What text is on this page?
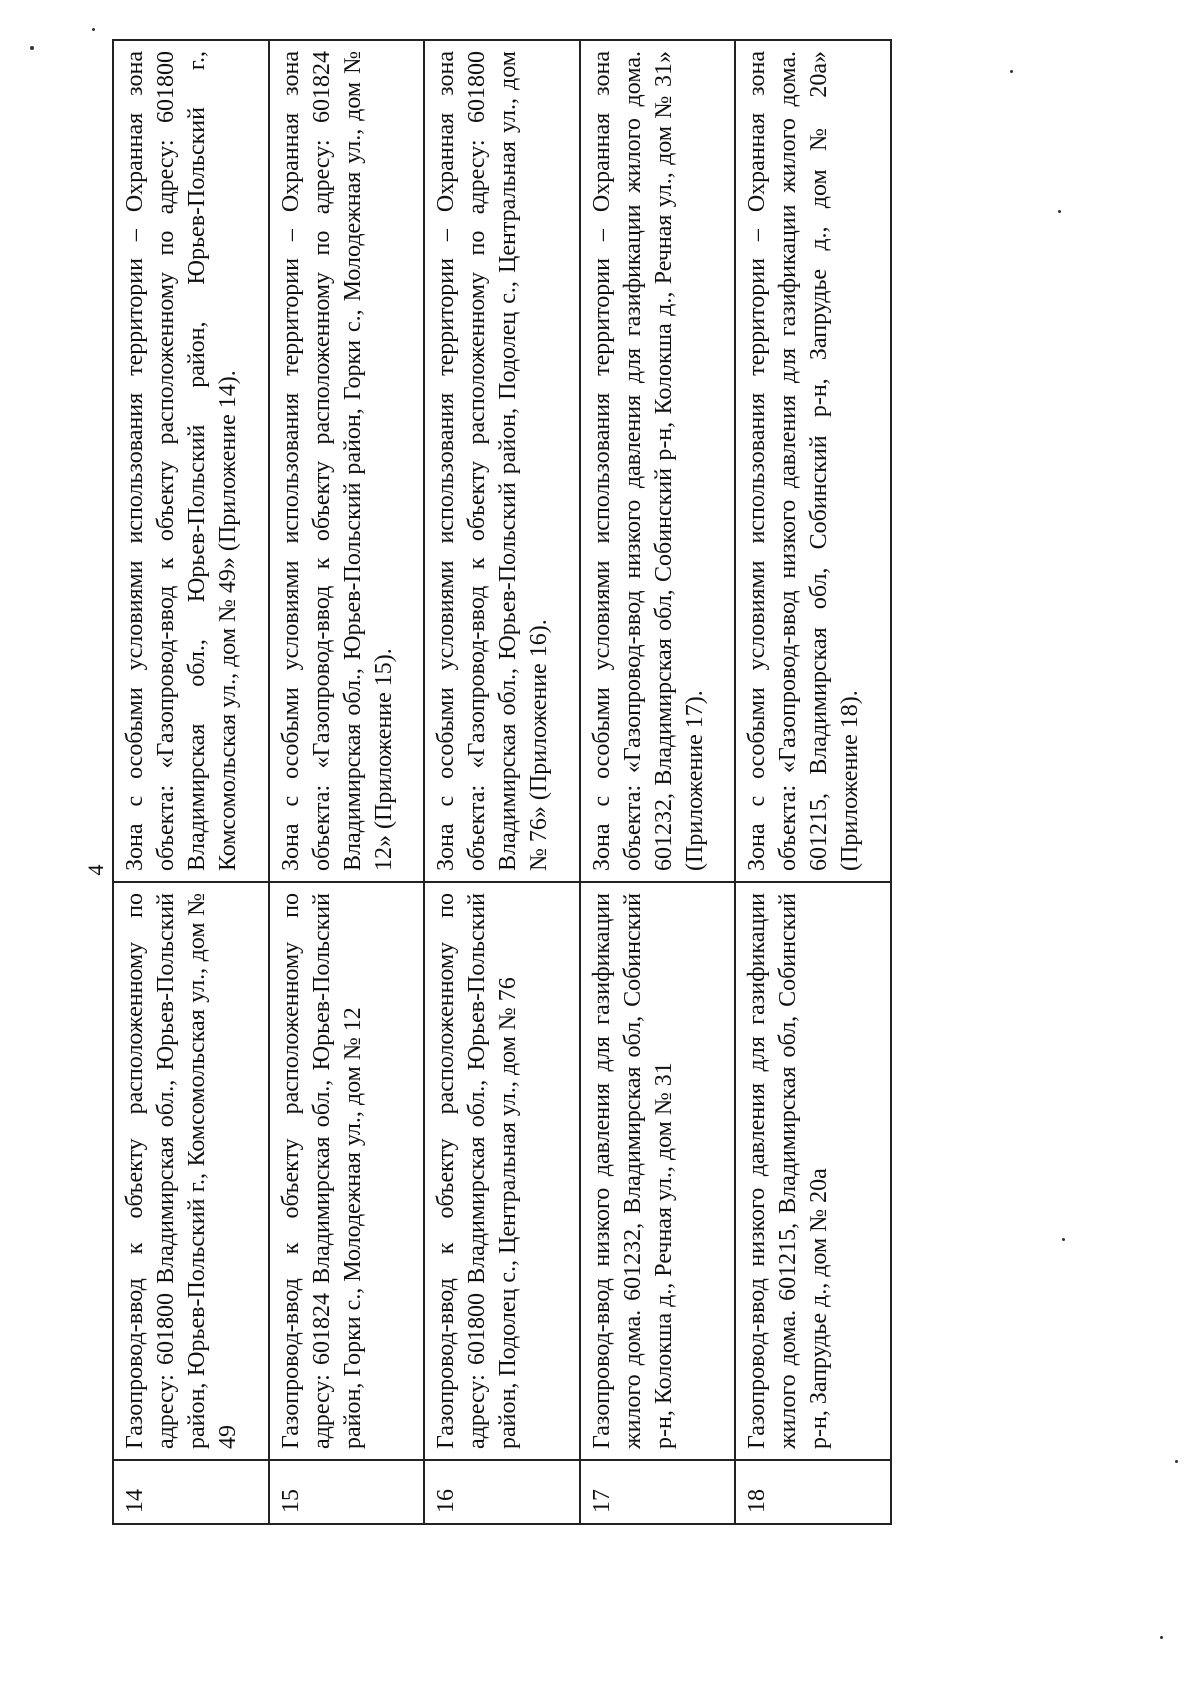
4
14	Газопровод-ввод к объекту расположенному по адресу: 601800 Владимирская обл., Юрьев-Польский район, Юрьев-Польский г., Комсомольская ул., дом № 49	Зона с особыми условиями использования территории – Охранная зона объекта: «Газопровод-ввод к объекту расположенному по адресу: 601800 Владимирская обл., Юрьев-Польский район, Юрьев-Польский г., Комсомольская ул., дом № 49» (Приложение 14).
15	Газопровод-ввод к объекту расположенному по адресу: 601824 Владимирская обл., Юрьев-Польский район, Горки с., Молодежная ул., дом № 12	Зона с особыми условиями использования территории – Охранная зона объекта: «Газопровод-ввод к объекту расположенному по адресу: 601824 Владимирская обл., Юрьев-Польский район, Горки с., Молодежная ул., дом № 12» (Приложение 15).
16	Газопровод-ввод к объекту расположенному по адресу: 601800 Владимирская обл., Юрьев-Польский район, Подолец с., Центральная ул., дом № 76	Зона с особыми условиями использования территории – Охранная зона объекта: «Газопровод-ввод к объекту расположенному по адресу: 601800 Владимирская обл., Юрьев-Польский район, Подолец с., Центральная ул., дом № 76» (Приложение 16).
17	Газопровод-ввод низкого давления для газификации жилого дома. 601232, Владимирская обл, Собинский р-н, Колокша д., Речная ул., дом № 31	Зона с особыми условиями использования территории – Охранная зона объекта: «Газопровод-ввод низкого давления для газификации жилого дома. 601232, Владимирская обл, Собинский р-н, Колокша д., Речная ул., дом № 31» (Приложение 17).
18	Газопровод-ввод низкого давления для газификации жилого дома. 601215, Владимирская обл, Собинский р-н, Запрудье д., дом № 20а	Зона с особыми условиями использования территории – Охранная зона объекта: «Газопровод-ввод низкого давления для газификации жилого дома. 601215, Владимирская обл, Собинский р-н, Запрудье д., дом № 20а» (Приложение 18).
